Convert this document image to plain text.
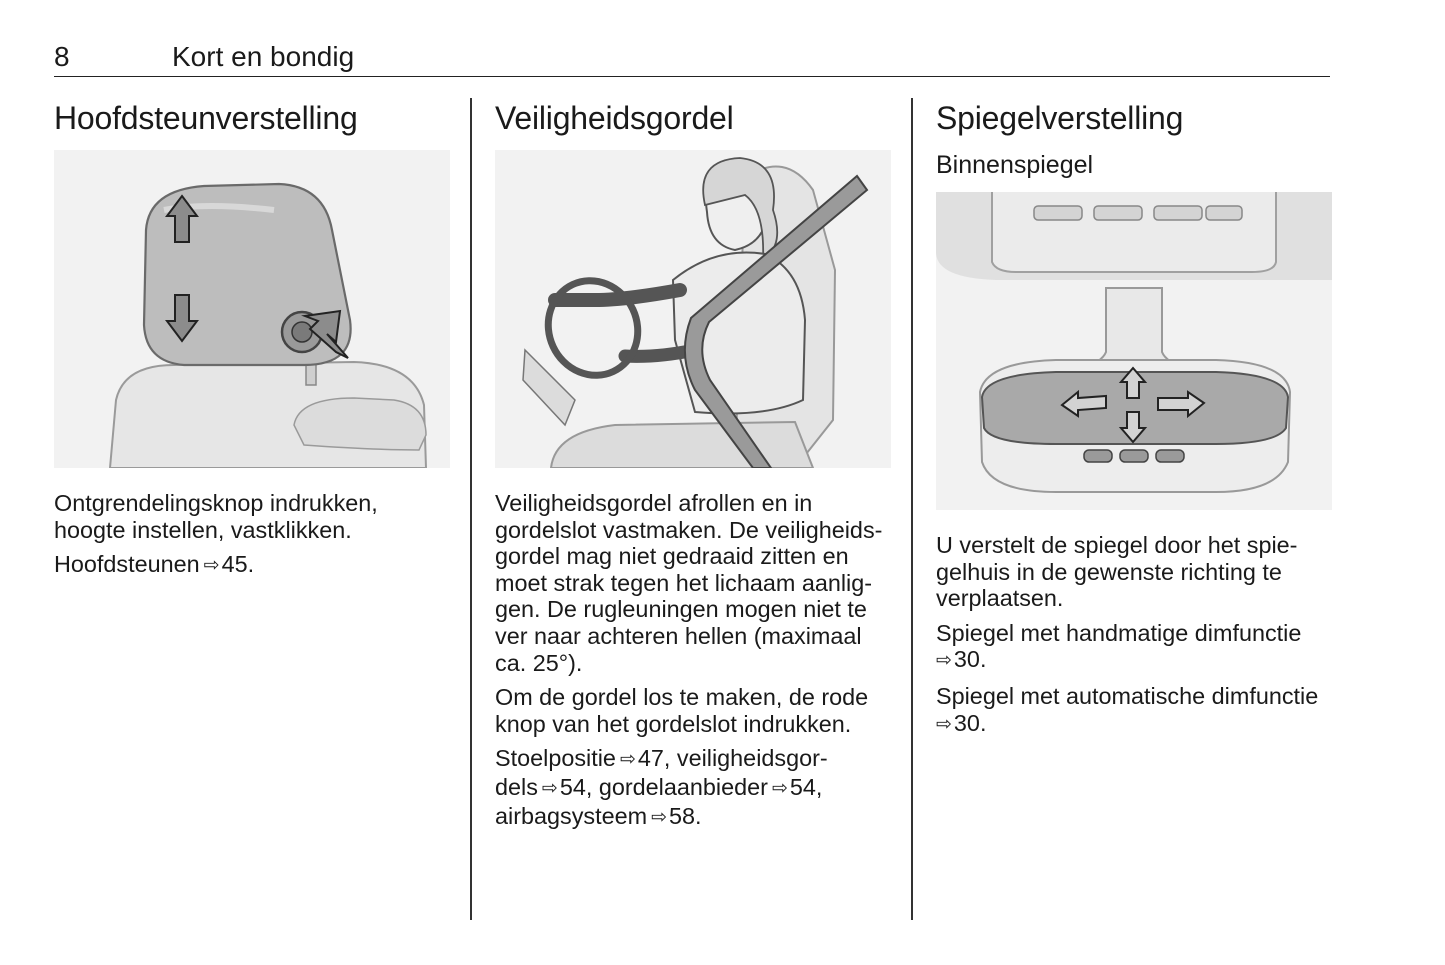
8	Kort en bondig
Hoofdsteunverstelling

Ontgrendelingsknop indrukken,
hoogte instellen, vastklikken.

Hoofdsteunen ⇨45.

Veiligheidsgordel

Veiligheidsgordel afrollen en in
gordelslot vastmaken. De veiligheids-
gordel mag niet gedraaid zitten en
moet strak tegen het lichaam aanlig-
gen. De rugleuningen mogen niet te
ver naar achteren hellen (maximaal
ca. 25°).

Om de gordel los te maken, de rode
knop van het gordelslot indrukken.

Stoelpositie ⇨47, veiligheidsgor-
dels ⇨54, gordelaanbieder ⇨54,
airbagsysteem ⇨58.

Spiegelverstelling
Binnenspiegel

U verstelt de spiegel door het spie-
gelhuis in de gewenste richting te
verplaatsen.

Spiegel met handmatige dimfunctie
⇨30.

Spiegel met automatische dimfunctie
⇨30.
